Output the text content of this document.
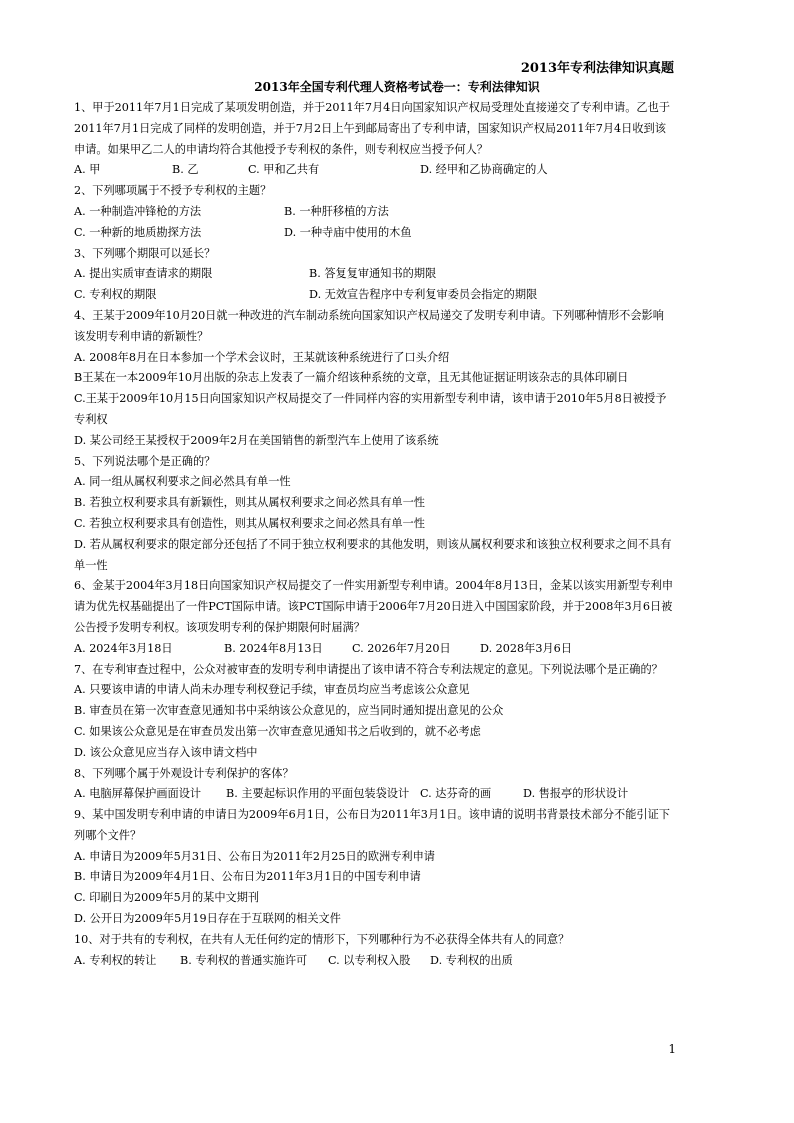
2013年专利法律知识真题
2013年全国专利代理人资格考试卷一：专利法律知识

1、甲于2011年7月1日完成了某项发明创造，并于2011年7月4日向国家知识产权局受理处直接递交了专利申请。乙也于2011年7月1日完成了同样的发明创造，并于7月2日上午到邮局寄出了专利申请，国家知识产权局2011年7月4日收到该申请。如果甲乙二人的申请均符合其他授予专利权的条件，则专利权应当授予何人？

A. 甲	B. 乙	C. 甲和乙共有	D. 经甲和乙协商确定的人

2、下列哪项属于不授予专利权的主题？

A. 一种制造冲锋枪的方法	B. 一种肝移植的方法
C. 一种新的地质勘探方法	D. 一种寺庙中使用的木鱼

3、下列哪个期限可以延长？

A. 提出实质审查请求的期限	B. 答复复审通知书的期限
C. 专利权的期限	D. 无效宣告程序中专利复审委员会指定的期限

4、王某于2009年10月20日就一种改进的汽车制动系统向国家知识产权局递交了发明专利申请。下列哪种情形不会影响该发明专利申请的新颖性？

A. 2008年8月在日本参加一个学术会议时，王某就该种系统进行了口头介绍

B王某在一本2009年10月出版的杂志上发表了一篇介绍该种系统的文章，且无其他证据证明该杂志的具体印刷日

C.王某于2009年10月15日向国家知识产权局提交了一件同样内容的实用新型专利申请，该申请于2010年5月8日被授予专利权

D. 某公司经王某授权于2009年2月在美国销售的新型汽车上使用了该系统

5、下列说法哪个是正确的？

A. 同一组从属权利要求之间必然具有单一性

B. 若独立权利要求具有新颖性，则其从属权利要求之间必然具有单一性

C. 若独立权利要求具有创造性，则其从属权利要求之间必然具有单一性

D. 若从属权利要求的限定部分还包括了不同于独立权利要求的其他发明，则该从属权利要求和该独立权利要求之间不具有单一性

6、金某于2004年3月18日向国家知识产权局提交了一件实用新型专利申请。2004年8月13日，金某以该实用新型专利申请为优先权基础提出了一件PCT国际申请。该PCT国际申请于2006年7月20日进入中国国家阶段，并于2008年3月6日被公告授予发明专利权。该项发明专利的保护期限何时届满？

A. 2024年3月18日	B. 2024年8月13日	C. 2026年7月20日	D. 2028年3月6日

7、在专利审查过程中，公众对被审查的发明专利申请提出了该申请不符合专利法规定的意见。下列说法哪个是正确的？

A. 只要该申请的申请人尚未办理专利权登记手续，审查员均应当考虑该公众意见

B. 审查员在第一次审查意见通知书中采纳该公众意见的，应当同时通知提出意见的公众

C. 如果该公众意见是在审查员发出第一次审查意见通知书之后收到的，就不必考虑

D. 该公众意见应当存入该申请文档中

8、下列哪个属于外观设计专利保护的客体？

A. 电脑屏幕保护画面设计	B. 主要起标识作用的平面包装袋设计 C. 达芬奇的画	D. 售报亭的形状设计

9、某中国发明专利申请的申请日为2009年6月1日，公布日为2011年3月1日。该申请的说明书背景技术部分不能引证下列哪个文件？

A. 申请日为2009年5月31日、公布日为2011年2月25日的欧洲专利申请

B. 申请日为2009年4月1日、公布日为2011年3月1日的中国专利申请

C. 印刷日为2009年5月的某中文期刊

D. 公开日为2009年5月19日存在于互联网的相关文件

10、对于共有的专利权，在共有人无任何约定的情形下，下列哪种行为不必获得全体共有人的同意？

A. 专利权的转让	B. 专利权的普通实施许可	C. 以专利权入股	D. 专利权的出质
1
